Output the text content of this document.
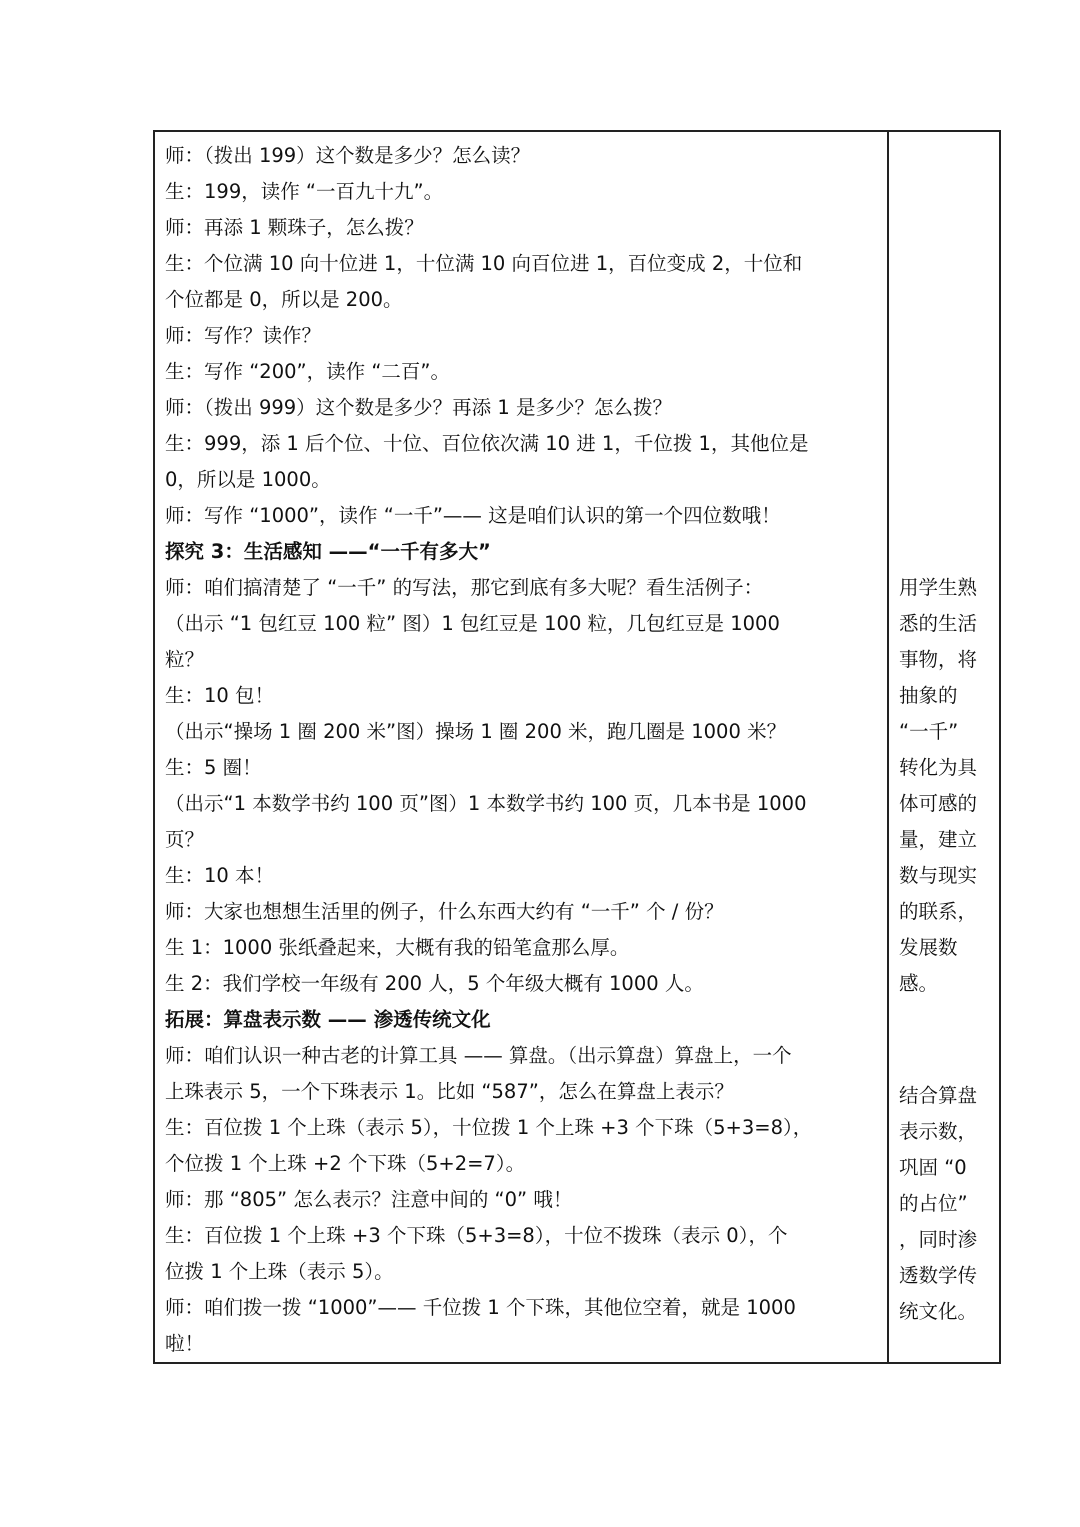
师：（拨出 199）这个数是多少？怎么读？
生：199，读作 “一百九十九”。
师：再添 1 颗珠子，怎么拨？
生：个位满 10 向十位进 1，十位满 10 向百位进 1，百位变成 2，十位和
个位都是 0，所以是 200。
师：写作？读作？
生：写作 “200”，读作 “二百”。
师：（拨出 999）这个数是多少？再添 1 是多少？怎么拨？
生：999，添 1 后个位、十位、百位依次满 10 进 1，千位拨 1，其他位是
0，所以是 1000。
师：写作 “1000”，读作 “一千”—— 这是咱们认识的第一个四位数哦！
探究 3：生活感知 ——“一千有多大”
师：咱们搞清楚了 “一千” 的写法，那它到底有多大呢？看生活例子：
（出示 “1 包红豆 100 粒” 图）1 包红豆是 100 粒，几包红豆是 1000
粒？
生：10 包！
（出示“操场 1 圈 200 米”图）操场 1 圈 200 米，跑几圈是 1000 米？
生：5 圈！
（出示“1 本数学书约 100 页”图）1 本数学书约 100 页，几本书是 1000
页？
生：10 本！
师：大家也想想生活里的例子，什么东西大约有 “一千” 个 / 份？
生 1：1000 张纸叠起来，大概有我的铅笔盒那么厚。
生 2：我们学校一年级有 200 人，5 个年级大概有 1000 人。
拓展：算盘表示数 —— 渗透传统文化
师：咱们认识一种古老的计算工具 —— 算盘。（出示算盘）算盘上，一个
上珠表示 5，一个下珠表示 1。比如 “587”，怎么在算盘上表示？
生：百位拨 1 个上珠（表示 5），十位拨 1 个上珠 +3 个下珠（5+3=8），
个位拨 1 个上珠 +2 个下珠（5+2=7）。
师：那 “805” 怎么表示？注意中间的 “0” 哦！
生：百位拨 1 个上珠 +3 个下珠（5+3=8），十位不拨珠（表示 0），个
位拨 1 个上珠（表示 5）。
师：咱们拨一拨 “1000”—— 千位拨 1 个下珠，其他位空着，就是 1000
啦！
用学生熟
悉的生活
事物，将
抽象的
“一千”
转化为具
体可感的
量，建立
数与现实
的联系，
发展数
感。
结合算盘
表示数，
巩固 “0
的占位”
，同时渗
透数学传
统文化。
